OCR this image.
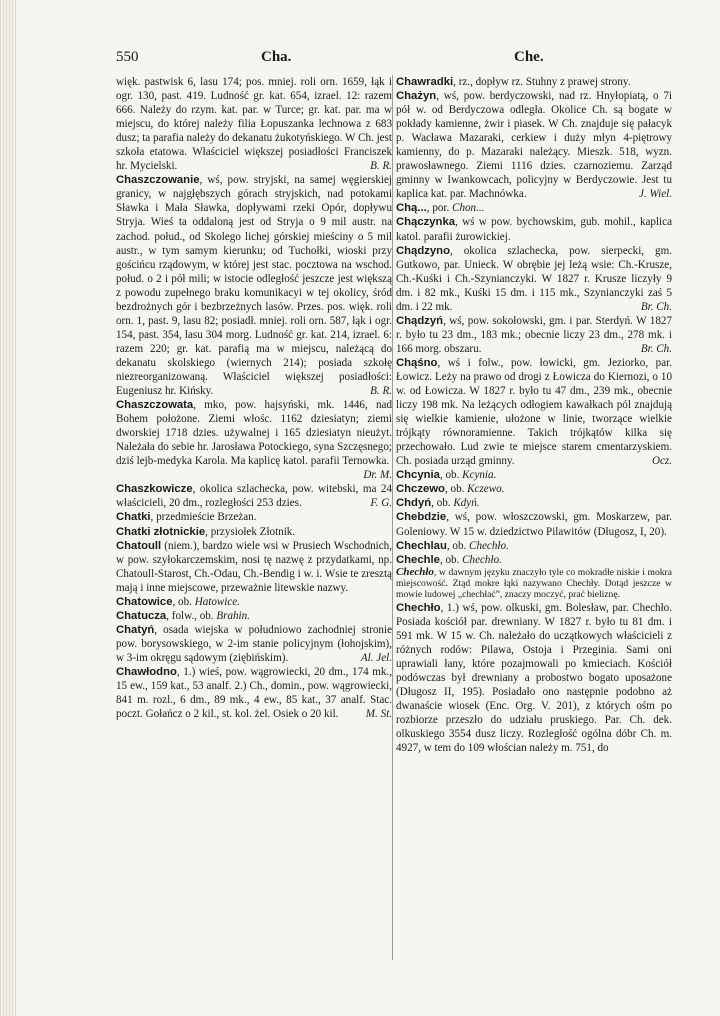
550	Cha.	Che.

więk. pastwisk 6, lasu 174; pos. mniej. roli orn. 1659, łąk i ogr. 130, past. 419. Ludność gr. kat. 654, izrael. 12: razem 666. Należy do rzym. kat. par. w Turce; gr. kat. par. ma w miejscu, do której należy filia Łopuszanka lechnowa z 683 dusz; ta parafia należy do dekanatu żukotyńskiego. W Ch. jest szkoła etatowa. Właściciel większej posiadłości Franciszek hr. Mycielski.	B. R.

Chaszczowanie, wś, pow. stryjski, na samej węgierskiej granicy, w najgłębszych górach stryjskich, nad potokami Sławka i Mała Sławka, dopływami rzeki Opór, dopływu Stryja. Wieś ta oddaloną jest od Stryja o 9 mil austr. na zachod. połud., od Skolego lichej górskiej mieściny o 5 mil austr., w tym samym kierunku; od Tuchołki, wioski przy gościńcu rządowym, w której jest stac. pocztowa na wschod. połud. o 2 i pół mili; w istocie odległość jeszcze jest większą z powodu zupełnego braku komunikacyi w tej okolicy, śród bezdrożnych gór i bezbrzeżnych lasów. Przes. pos. więk. roli orn. 1, past. 9, lasu 82; posiadł. mniej. roli orn. 587, łąk i ogr. 154, past. 354, lasu 304 morg. Ludność gr. kat. 214, izrael. 6: razem 220; gr. kat. parafią ma w miejscu, należącą do dekanatu skolskiego (wiernych 214); posiada szkołę niezreorganizowaną. Właściciel większej posiadłości: Eugeniusz hr. Kińsky.	B. R.

Chaszczowata, mko, pow. hajsyński, mk. 1446, nad Bohem położone. Ziemi włośc. 1162 dziesiatyn; ziemi dworskiej 1718 dzies. używalnej i 165 dziesiatyn nieużyt. Należała do sebie hr. Jarosława Potockiego, syna Szczęsnego; dziś lejb-medyka Karola. Ma kaplicę katol. parafii Ternowka.
Dr. M.

Chaszkowicze, okolica szlachecka, pow. witebski, ma 24 właścicieli, 20 dm., rozległości 253 dzies.	F. G.

Chatki, przedmieście Brzeżan.

Chatki złotnickie, przysiołek Złotnik.

Chatoull (niem.), bardzo wiele wsi w Prusiech Wschodnich, w pow. szyłokarczemskim, nosi tę nazwę z przydatkami, np. Chatoull-Starost, Ch.-Odau, Ch.-Bendig i w. i. Wsie te zresztą mają i inne miejscowe, przeważnie litewskie nazwy.

Chatowice, ob. Hatowice.

Chatucza, folw., ob. Brahin.

Chatyń, osada wiejska w południowo zachodniej stronie pow. borysowskiego, w 2-im stanie policyjnym (łohojskim), w 3-im okręgu sądowym (ziębińskim).	Al. Jel.

Chawłodno, 1.) wieś, pow. wągrowiecki, 20 dm., 174 mk., 15 ew., 159 kat., 53 analf. 2.) Ch., domin., pow. wągrowiecki, 841 m. rozl., 6 dm., 89 mk., 4 ew., 85 kat., 37 analf. Stac. poczt. Gołańcz o 2 kil., st. kol. żel. Osiek o 20 kil.	M. St.

Chawradki, rz., dopływ rz. Stuhny z prawej strony.

Chażyn, wś, pow. berdyczowski, nad rz. Hnyłopiatą, o 7i pół w. od Berdyczowa odległa. Okolice Ch. są bogate w pokłady kamienne, żwir i piasek. W Ch. znajduje się pałacyk p. Wacława Mazaraki, cerkiew i duży młyn 4-piętrowy kamienny, do p. Mazaraki należący. Mieszk. 518, wyzn. prawosławnego. Ziemi 1116 dzies. czarnoziemu. Zarząd gminny w Iwankowcach, policyjny w Berdyczowie. Jest tu kaplica kat. par. Machnówka.	J. Wiel.

Chą..., por. Chon...

Chączynka, wś w pow. bychowskim, gub. mohil., kaplica katol. parafii żurowickiej.

Chądzyno, okolica szlachecka, pow. sierpecki, gm. Gutkowo, par. Unieck. W obrębie jej leżą wsie: Ch.-Krusze, Ch.-Kuśki i Ch.-Szynianczyki. W 1827 r. Krusze liczyły 9 dm. i 82 mk., Kuśki 15 dm. i 115 mk., Szynianczyki zaś 5 dm. i 22 mk.	Br. Ch.

Chądzyń, wś, pow. sokołowski, gm. i par. Sterdyń. W 1827 r. było tu 23 dm., 183 mk.; obecnie liczy 23 dm., 278 mk. i 166 morg. obszaru.	Br. Ch.

Chąśno, wś i folw., pow. łowicki, gm. Jeziorko, par. Łowicz. Leży na prawo od drogi z Łowicza do Kiernozi, o 10 w. od Łowicza. W 1827 r. było tu 47 dm., 239 mk., obecnie liczy 198 mk. Na leżących odłogiem kawałkach pól znajdują się wielkie kamienie, ułożone w linie, tworzące wielkie trójkąty równoramienne. Takich trójkątów kilka się przechowało. Lud zwie te miejsce starem cmentarzyskiem. Ch. posiada urząd gminny.	Ocz.

Chcynia, ob. Kcynia.

Chczewo, ob. Kczewo.

Chdyń, ob. Kdyń.

Chebdzie, wś, pow. włoszczowski, gm. Moskarzew, par. Goleniowy. W 15 w. dziedzictwo Pilawitów (Długosz, I, 20).

Chechlau, ob. Chechło.

Chechle, ob. Chechło.

Chechło, w dawnym języku znaczyło tyle co mokradłe niskie i mokra miejscowość. Ztąd mokre łąki nazywano Chechły. Dotąd jeszcze w mowie ludowej „chechłać”, znaczy moczyć, prać bieliznę.

Chechło, 1.) wś, pow. olkuski, gm. Bolesław, par. Chechło. Posiada kościół par. drewniany. W 1827 r. było tu 81 dm. i 591 mk. W 15 w. Ch. należało do uczątkowych właścicieli z różnych rodów: Pilawa, Ostoja i Przeginia. Sami oni uprawiali łany, które pozajmowali po kmieciach. Kościół podówczas był drewniany a probostwo bogato uposażone (Długosz II, 195). Posiadało ono następnie podobno aż dwanaście wiosek (Enc. Org. V. 201), z których ośm po rozbiorze przeszło do udziału pruskiego. Par. Ch. dek. olkuskiego 3554 dusz liczy. Rozległość ogólna dóbr Ch. m. 4927, w tem do 109 włościan należy m. 751, do
